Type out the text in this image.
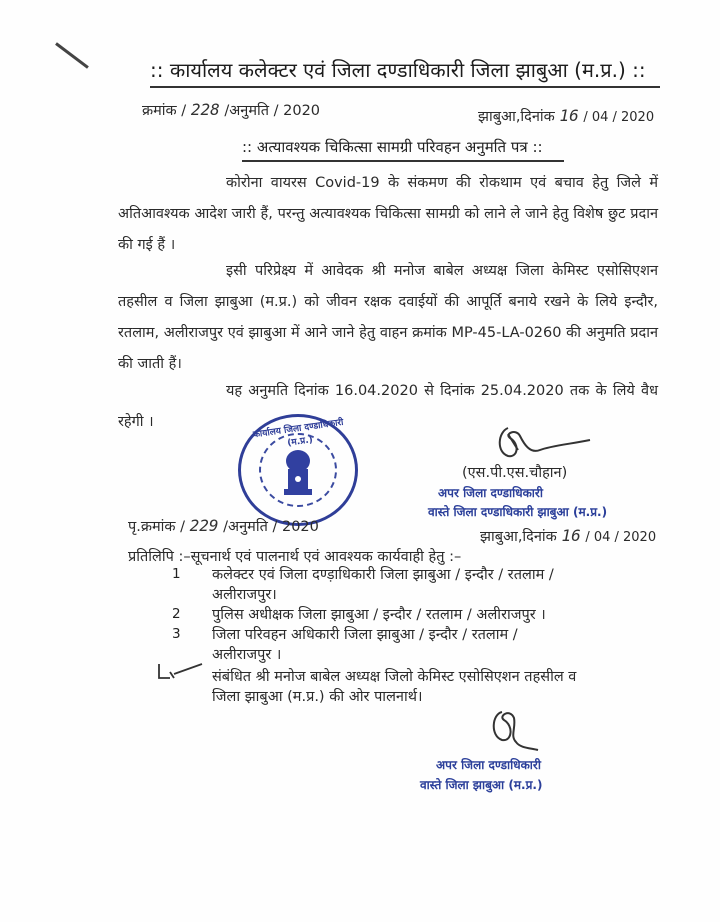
:: कार्यालय कलेक्टर एवं जिला दण्डाधिकारी जिला झाबुआ (म.प्र.) ::
क्रमांक / 228 /अनुमति / 2020	झाबुआ,दिनांक 16 / 04 / 2020
:: अत्यावश्यक चिकित्सा सामग्री परिवहन अनुमति पत्र ::
कोरोना वायरस Covid-19 के संकमण की रोकथाम एवं बचाव हेतु जिले में अतिआवश्यक आदेश जारी हैं, परन्तु अत्यावश्यक चिकित्सा सामग्री को लाने ले जाने हेतु विशेष छुट प्रदान की गई हैं ।
इसी परिप्रेक्ष्य में आवेदक श्री मनोज बाबेल अध्यक्ष जिला केमिस्ट एसोसिएशन तहसील व जिला झाबुआ (म.प्र.) को जीवन रक्षक दवाईयों की आपूर्ति बनाये रखने के लिये इन्दौर, रतलाम, अलीराजपुर एवं झाबुआ में आने जाने हेतु वाहन क्रमांक MP-45-LA-0260 की अनुमति प्रदान की जाती हैं।
यह अनुमति दिनांक 16.04.2020 से दिनांक 25.04.2020 तक के लिये वैध रहेगी ।	कार्यालय जिला दण्डाधिकारी (म.प्र.)
(एस.पी.एस.चौहान)
अपर जिला दण्डाधिकारी
वास्ते जिला दण्डाधिकारी झाबुआ (म.प्र.)
पृ.क्रमांक / 229 /अनुमति / 2020
झाबुआ,दिनांक 16 / 04 / 2020
प्रतिलिपि :–सूचनार्थ एवं पालनार्थ एवं आवश्यक कार्यवाही हेतु :–
1 कलेक्टर एवं जिला दण्ड़ाधिकारी जिला झाबुआ / इन्दौर / रतलाम /
अलीराजपुर।
2 पुलिस अधीक्षक जिला झाबुआ / इन्दौर / रतलाम / अलीराजपुर ।
3 जिला परिवहन अधिकारी जिला झाबुआ / इन्दौर / रतलाम /
अलीराजपुर ।
संबंधित श्री मनोज बाबेल अध्यक्ष जिलो केमिस्ट एसोसिएशन तहसील व
जिला झाबुआ (म.प्र.) की ओर पालनार्थ।
अपर जिला दण्डाधिकारी
वास्ते जिला झाबुआ (म.प्र.)
